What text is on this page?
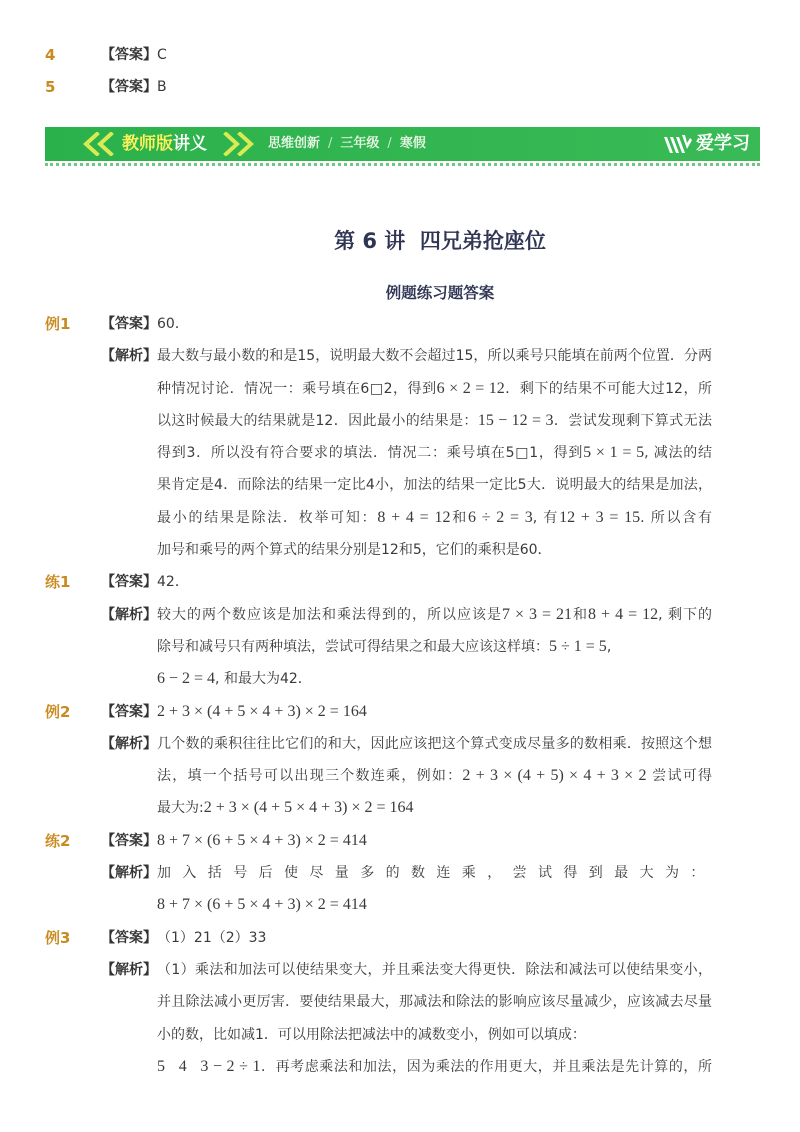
4	【答案】 C
5	【答案】 B
教师版讲义	思维创新 / 三年级 / 寒假	爱学习
第 6 讲  四兄弟抢座位
例题练习题答案
例1 【答案】 60．
【解析】 最大数与最小数的和是15，说明最大数不会超过15，所以乘号只能填在前两个位置．分两
种情况讨论．情况一：乘号填在6□2，得到6 × 2 = 12．剩下的结果不可能大过12，所
以这时候最大的结果就是12．因此最小的结果是：15 − 12 = 3．尝试发现剩下算式无法
得到3．所以没有符合要求的填法．情况二：乘号填在5□1，得到5 × 1 = 5, 减法的结
果肯定是4．而除法的结果一定比4小，加法的结果一定比5大．说明最大的结果是加法，
最小的结果是除法．枚举可知：8 + 4 = 12和6 ÷ 2 = 3, 有12 + 3 = 15. 所以含有
加号和乘号的两个算式的结果分别是12和5，它们的乘积是60．
练1 【答案】 42．
【解析】 较大的两个数应该是加法和乘法得到的，所以应该是7 × 3 = 21和8 + 4 = 12, 剩下的
除号和减号只有两种填法，尝试可得结果之和最大应该这样填：5 ÷ 1 = 5,
6 − 2 = 4, 和最大为42．
例2 【答案】 2 + 3 × (4 + 5 × 4 + 3) × 2 = 164
【解析】 几个数的乘积往往比它们的和大，因此应该把这个算式变成尽量多的数相乘．按照这个想
法，填一个括号可以出现三个数连乘，例如：2 + 3 × (4 + 5) × 4 + 3 × 2 尝试可得
最大为:2 + 3 × (4 + 5 × 4 + 3) × 2 = 164
练2 【答案】 8 + 7 × (6 + 5 × 4 + 3) × 2 = 414
【解析】 加入括号后使尽量多的数连乘，尝试得到最大为：
8 + 7 × (6 + 5 × 4 + 3) × 2 = 414
例3 【答案】 （1）21（2）33
【解析】 （1）乘法和加法可以使结果变大，并且乘法变大得更快．除法和减法可以使结果变小，
并且除法减小更厉害．要使结果最大，那减法和除法的影响应该尽量减少，应该减去尽量
小的数，比如减1．可以用除法把减法中的减数变小，例如可以填成：
5   4   3 − 2 ÷ 1．再考虑乘法和加法，因为乘法的作用更大，并且乘法是先计算的，所
